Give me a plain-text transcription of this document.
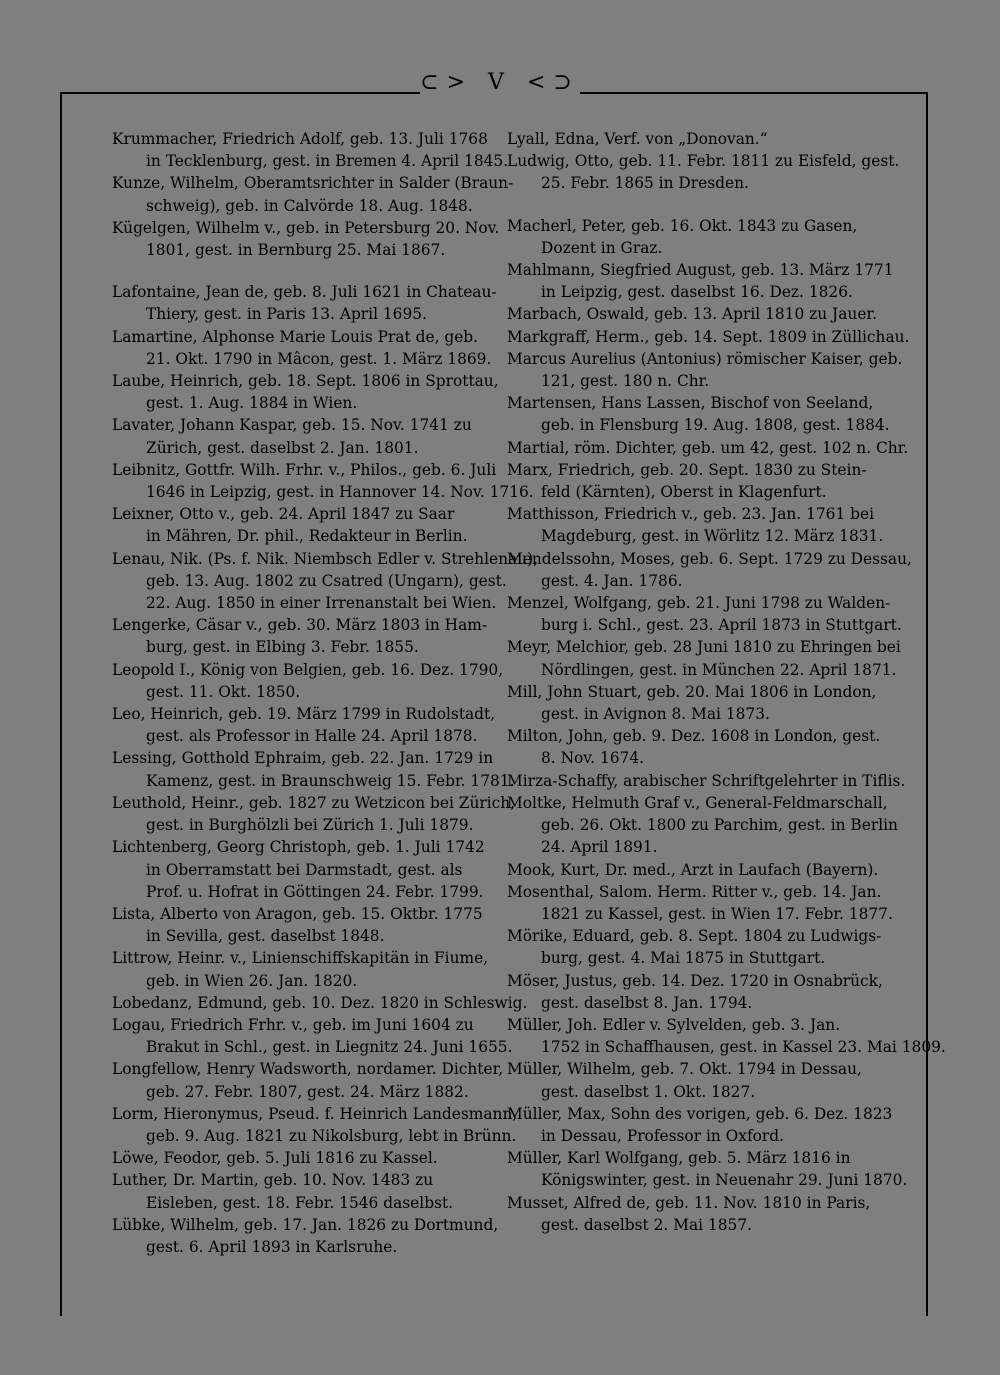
⊂> V <⊃
Krummacher, Friedrich Adolf, geb. 13. Juli 1768
in Tecklenburg, gest. in Bremen 4. April 1845.
Kunze, Wilhelm, Oberamtsrichter in Salder (Braun-
schweig), geb. in Calvörde 18. Aug. 1848.
Kügelgen, Wilhelm v., geb. in Petersburg 20. Nov.
1801, gest. in Bernburg 25. Mai 1867.
Lafontaine, Jean de, geb. 8. Juli 1621 in Chateau-
Thiery, gest. in Paris 13. April 1695.
Lamartine, Alphonse Marie Louis Prat de, geb.
21. Okt. 1790 in Mâcon, gest. 1. März 1869.
Laube, Heinrich, geb. 18. Sept. 1806 in Sprottau,
gest. 1. Aug. 1884 in Wien.
Lavater, Johann Kaspar, geb. 15. Nov. 1741 zu
Zürich, gest. daselbst 2. Jan. 1801.
Leibnitz, Gottfr. Wilh. Frhr. v., Philos., geb. 6. Juli
1646 in Leipzig, gest. in Hannover 14. Nov. 1716.
Leixner, Otto v., geb. 24. April 1847 zu Saar
in Mähren, Dr. phil., Redakteur in Berlin.
Lenau, Nik. (Ps. f. Nik. Niembsch Edler v. Strehlenau),
geb. 13. Aug. 1802 zu Csatred (Ungarn), gest.
22. Aug. 1850 in einer Irrenanstalt bei Wien.
Lengerke, Cäsar v., geb. 30. März 1803 in Ham-
burg, gest. in Elbing 3. Febr. 1855.
Leopold I., König von Belgien, geb. 16. Dez. 1790,
gest. 11. Okt. 1850.
Leo, Heinrich, geb. 19. März 1799 in Rudolstadt,
gest. als Professor in Halle 24. April 1878.
Lessing, Gotthold Ephraim, geb. 22. Jan. 1729 in
Kamenz, gest. in Braunschweig 15. Febr. 1781.
Leuthold, Heinr., geb. 1827 zu Wetzicon bei Zürich,
gest. in Burghölzli bei Zürich 1. Juli 1879.
Lichtenberg, Georg Christoph, geb. 1. Juli 1742
in Oberramstatt bei Darmstadt, gest. als
Prof. u. Hofrat in Göttingen 24. Febr. 1799.
Lista, Alberto von Aragon, geb. 15. Oktbr. 1775
in Sevilla, gest. daselbst 1848.
Littrow, Heinr. v., Linienschiffskapitän in Fiume,
geb. in Wien 26. Jan. 1820.
Lobedanz, Edmund, geb. 10. Dez. 1820 in Schleswig.
Logau, Friedrich Frhr. v., geb. im Juni 1604 zu
Brakut in Schl., gest. in Liegnitz 24. Juni 1655.
Longfellow, Henry Wadsworth, nordamer. Dichter,
geb. 27. Febr. 1807, gest. 24. März 1882.
Lorm, Hieronymus, Pseud. f. Heinrich Landesmann,
geb. 9. Aug. 1821 zu Nikolsburg, lebt in Brünn.
Löwe, Feodor, geb. 5. Juli 1816 zu Kassel.
Luther, Dr. Martin, geb. 10. Nov. 1483 zu
Eisleben, gest. 18. Febr. 1546 daselbst.
Lübke, Wilhelm, geb. 17. Jan. 1826 zu Dortmund,
gest. 6. April 1893 in Karlsruhe.
Lyall, Edna, Verf. von „Donovan.“
Ludwig, Otto, geb. 11. Febr. 1811 zu Eisfeld, gest.
25. Febr. 1865 in Dresden.
Macherl, Peter, geb. 16. Okt. 1843 zu Gasen,
Dozent in Graz.
Mahlmann, Siegfried August, geb. 13. März 1771
in Leipzig, gest. daselbst 16. Dez. 1826.
Marbach, Oswald, geb. 13. April 1810 zu Jauer.
Markgraff, Herm., geb. 14. Sept. 1809 in Züllichau.
Marcus Aurelius (Antonius) römischer Kaiser, geb.
121, gest. 180 n. Chr.
Martensen, Hans Lassen, Bischof von Seeland,
geb. in Flensburg 19. Aug. 1808, gest. 1884.
Martial, röm. Dichter, geb. um 42, gest. 102 n. Chr.
Marx, Friedrich, geb. 20. Sept. 1830 zu Stein-
feld (Kärnten), Oberst in Klagenfurt.
Matthisson, Friedrich v., geb. 23. Jan. 1761 bei
Magdeburg, gest. in Wörlitz 12. März 1831.
Mendelssohn, Moses, geb. 6. Sept. 1729 zu Dessau,
gest. 4. Jan. 1786.
Menzel, Wolfgang, geb. 21. Juni 1798 zu Walden-
burg i. Schl., gest. 23. April 1873 in Stuttgart.
Meyr, Melchior, geb. 28 Juni 1810 zu Ehringen bei
Nördlingen, gest. in München 22. April 1871.
Mill, John Stuart, geb. 20. Mai 1806 in London,
gest. in Avignon 8. Mai 1873.
Milton, John, geb. 9. Dez. 1608 in London, gest.
8. Nov. 1674.
Mirza-Schaffy, arabischer Schriftgelehrter in Tiflis.
Moltke, Helmuth Graf v., General-Feldmarschall,
geb. 26. Okt. 1800 zu Parchim, gest. in Berlin
24. April 1891.
Mook, Kurt, Dr. med., Arzt in Laufach (Bayern).
Mosenthal, Salom. Herm. Ritter v., geb. 14. Jan.
1821 zu Kassel, gest. in Wien 17. Febr. 1877.
Mörike, Eduard, geb. 8. Sept. 1804 zu Ludwigs-
burg, gest. 4. Mai 1875 in Stuttgart.
Möser, Justus, geb. 14. Dez. 1720 in Osnabrück,
gest. daselbst 8. Jan. 1794.
Müller, Joh. Edler v. Sylvelden, geb. 3. Jan.
1752 in Schaffhausen, gest. in Kassel 23. Mai 1809.
Müller, Wilhelm, geb. 7. Okt. 1794 in Dessau,
gest. daselbst 1. Okt. 1827.
Müller, Max, Sohn des vorigen, geb. 6. Dez. 1823
in Dessau, Professor in Oxford.
Müller, Karl Wolfgang, geb. 5. März 1816 in
Königswinter, gest. in Neuenahr 29. Juni 1870.
Musset, Alfred de, geb. 11. Nov. 1810 in Paris,
gest. daselbst 2. Mai 1857.
